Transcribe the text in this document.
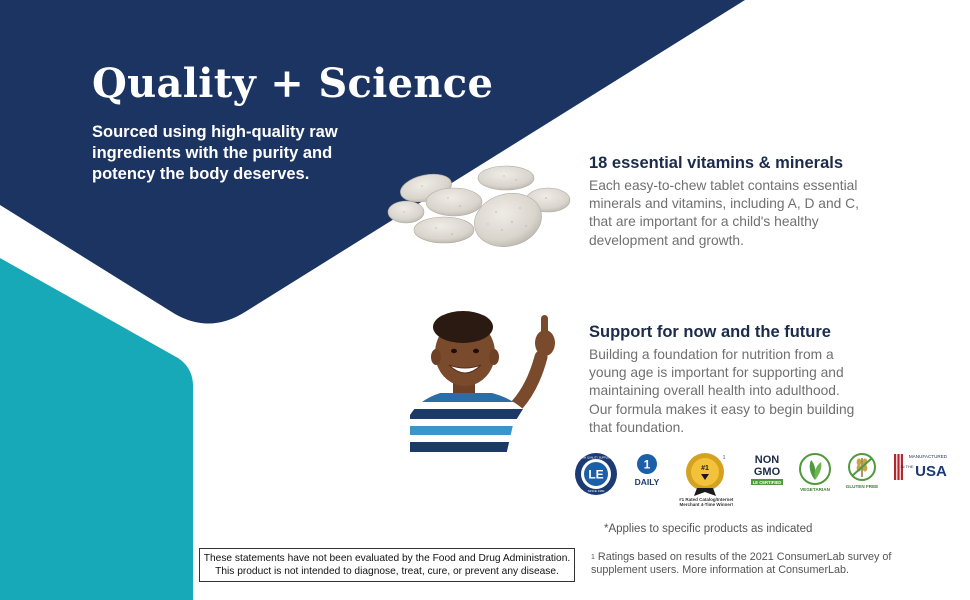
Quality + Science

Sourced using high-quality raw ingredients with the purity and potency the body deserves.

18 essential vitamins & minerals

Each easy-to-chew tablet contains essential minerals and vitamins, including A, D and C, that are important for a child's healthy development and growth.

Support for now and the future

Building a foundation for nutrition from a young age is important for supporting and maintaining overall health into adulthood. Our formula makes it easy to begin building that foundation.

LE
SINCE 1980
PREMIUM QUALITY SUPPLEMENTS 1
DAILY
#1
1
#1 Rated Catalog/Internet Merchant 4-Time Winner!
NON
GMO
LE CERTIFIED
VEGETARIAN
GLUTEN FREE
MANUFACTURED
IN THE USA
*Applies to specific products as indicated
These statements have not been evaluated by the Food and Drug Administration.
This product is not intended to diagnose, treat, cure, or prevent any disease.
$^1$ Ratings based on results of the 2021 ConsumerLab survey of supplement users. More information at ConsumerLab.
